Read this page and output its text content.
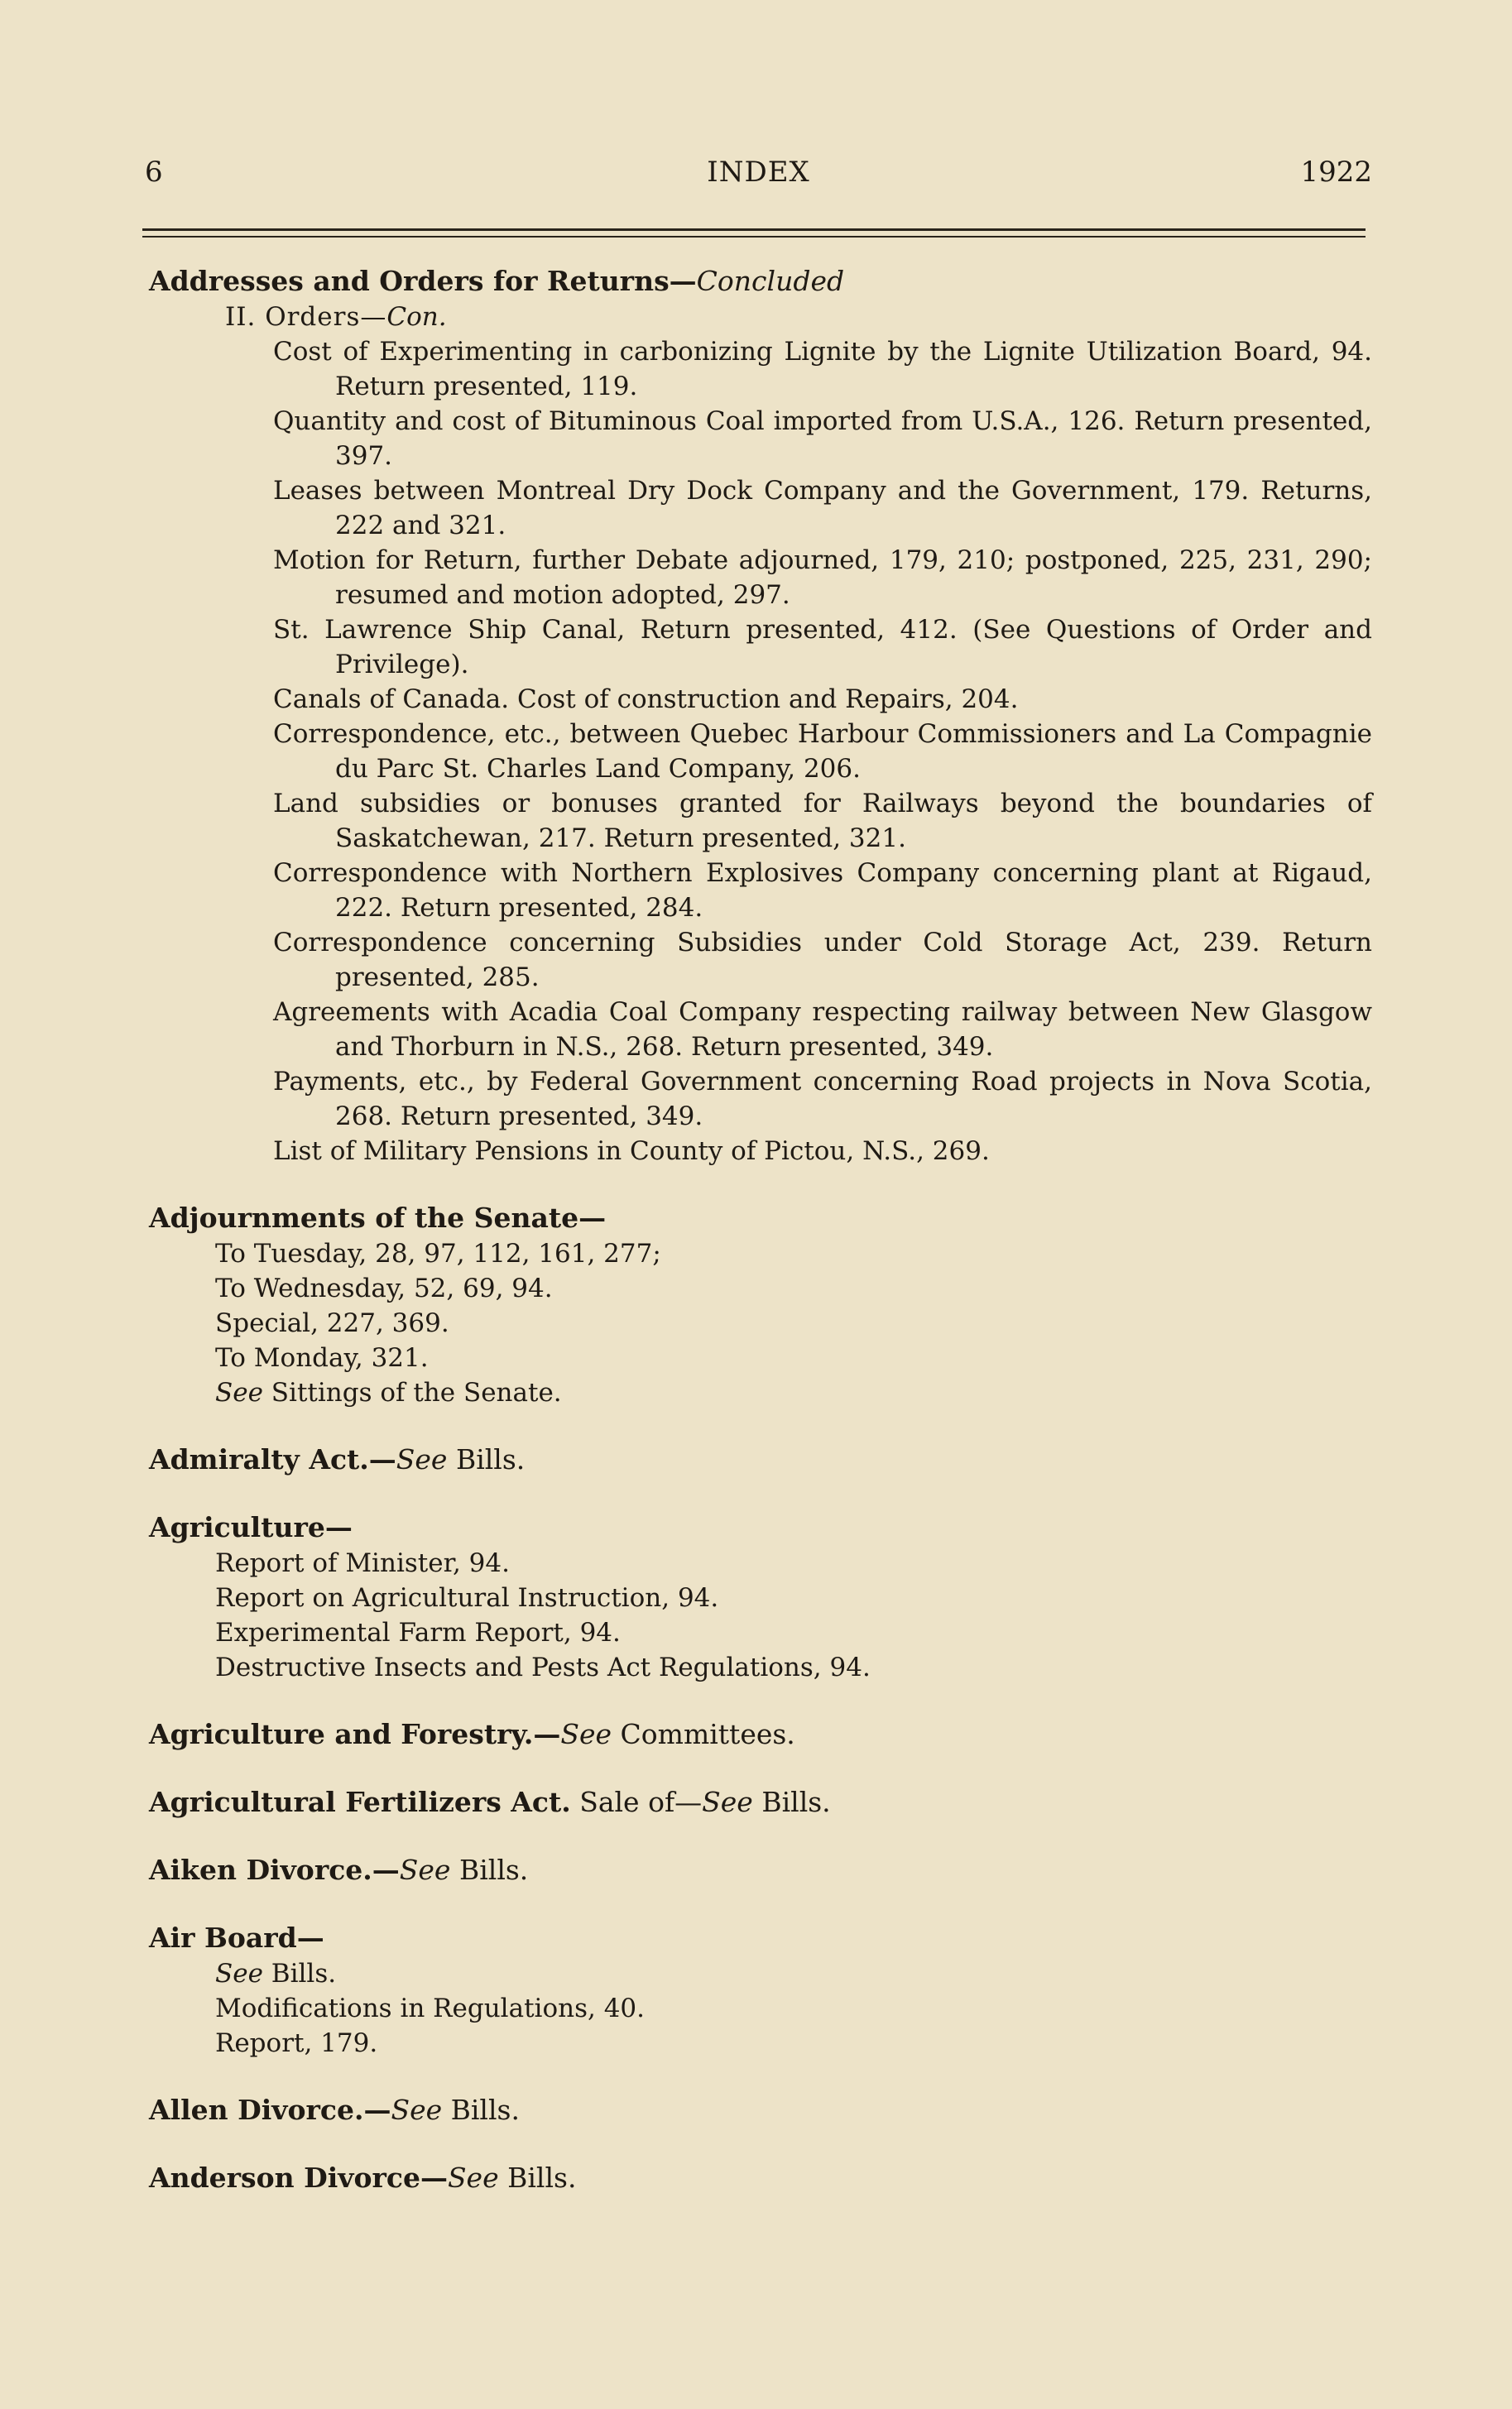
6	INDEX	1922
Addresses and Orders for Returns—Concluded
II. Orders—Con.
Cost of Experimenting in carbonizing Lignite by the Lignite Utilization Board, 94. Return presented, 119.
Quantity and cost of Bituminous Coal imported from U.S.A., 126. Return presented, 397.
Leases between Montreal Dry Dock Company and the Government, 179. Returns, 222 and 321.
Motion for Return, further Debate adjourned, 179, 210; postponed, 225, 231, 290; resumed and motion adopted, 297.
St. Lawrence Ship Canal, Return presented, 412. (See Questions of Order and Privilege).
Canals of Canada. Cost of construction and Repairs, 204.
Correspondence, etc., between Quebec Harbour Commissioners and La Compagnie du Parc St. Charles Land Company, 206.
Land subsidies or bonuses granted for Railways beyond the boundaries of Saskatchewan, 217. Return presented, 321.
Correspondence with Northern Explosives Company concerning plant at Rigaud, 222. Return presented, 284.
Correspondence concerning Subsidies under Cold Storage Act, 239. Return presented, 285.
Agreements with Acadia Coal Company respecting railway between New Glasgow and Thorburn in N.S., 268. Return presented, 349.
Payments, etc., by Federal Government concerning Road projects in Nova Scotia, 268. Return presented, 349.
List of Military Pensions in County of Pictou, N.S., 269.
Adjournments of the Senate—
To Tuesday, 28, 97, 112, 161, 277;
To Wednesday, 52, 69, 94.
Special, 227, 369.
To Monday, 321.
See Sittings of the Senate.
Admiralty Act.—See Bills.
Agriculture—
Report of Minister, 94.
Report on Agricultural Instruction, 94.
Experimental Farm Report, 94.
Destructive Insects and Pests Act Regulations, 94.
Agriculture and Forestry.—See Committees.
Agricultural Fertilizers Act. Sale of—See Bills.
Aiken Divorce.—See Bills.
Air Board—
See Bills.
Modifications in Regulations, 40.
Report, 179.
Allen Divorce.—See Bills.
Anderson Divorce—See Bills.
